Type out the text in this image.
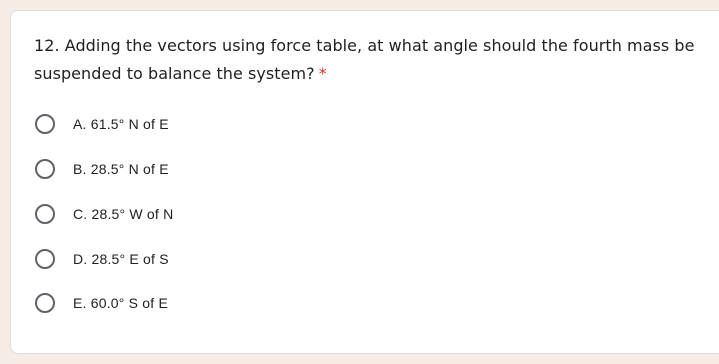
12. Adding the vectors using force table, at what angle should the fourth mass be suspended to balance the system? *
A. 61.5° N of E
B. 28.5° N of E
C. 28.5° W of N
D. 28.5° E of S
E. 60.0° S of E
